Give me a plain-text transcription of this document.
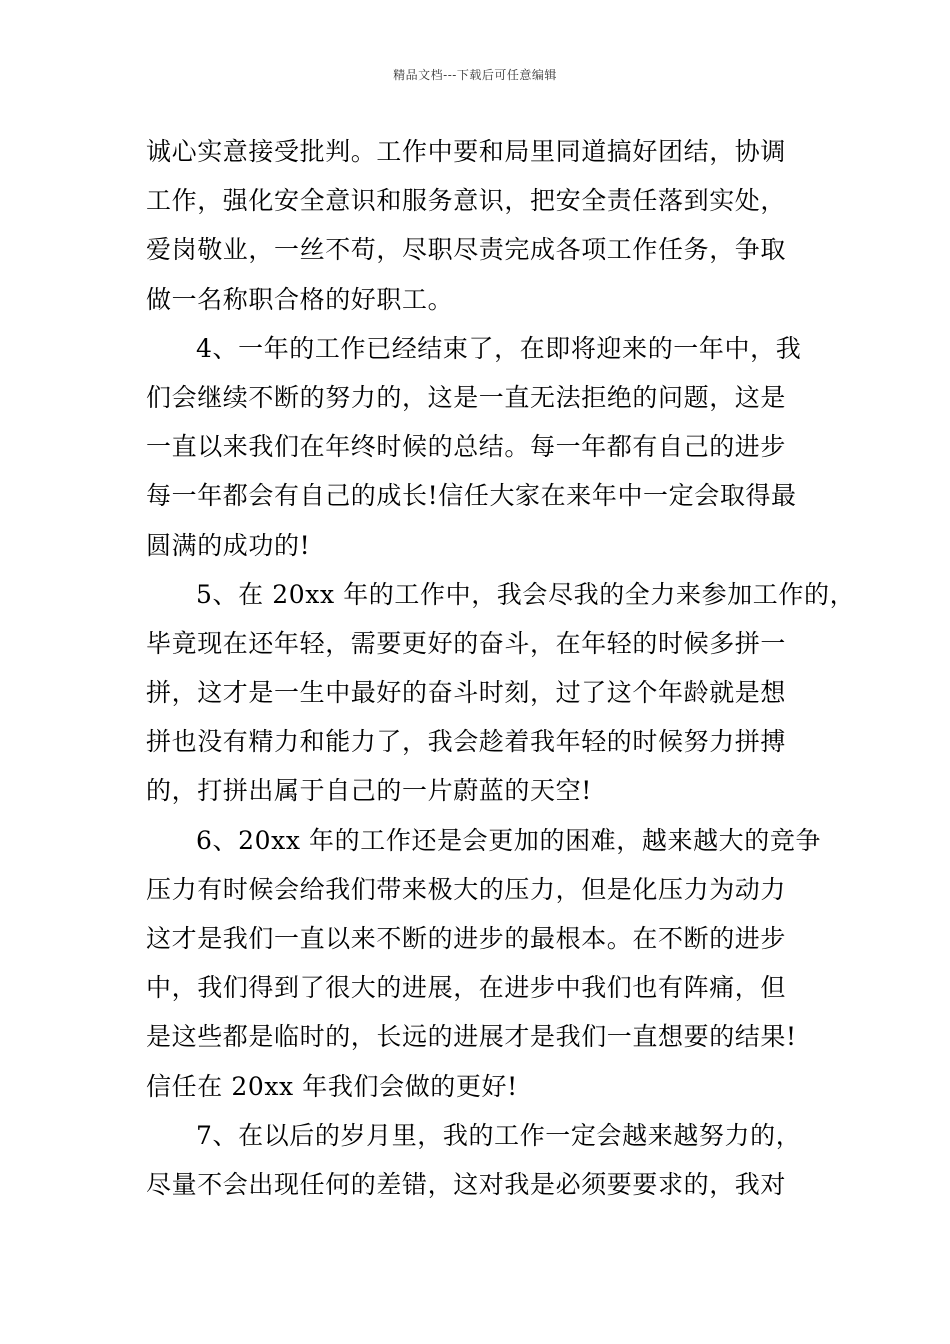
精品文档---下载后可任意编辑
诚心实意接受批判。工作中要和局里同道搞好团结，协调
工作，强化安全意识和服务意识，把安全责任落到实处，
爱岗敬业，一丝不苟，尽职尽责完成各项工作任务，争取
做一名称职合格的好职工。
4、一年的工作已经结束了，在即将迎来的一年中，我
们会继续不断的努力的，这是一直无法拒绝的问题，这是
一直以来我们在年终时候的总结。每一年都有自己的进步
每一年都会有自己的成长!信任大家在来年中一定会取得最
圆满的成功的!
5、在 20xx 年的工作中，我会尽我的全力来参加工作的，
毕竟现在还年轻，需要更好的奋斗，在年轻的时候多拼一
拼，这才是一生中最好的奋斗时刻，过了这个年龄就是想
拼也没有精力和能力了，我会趁着我年轻的时候努力拼搏
的，打拼出属于自己的一片蔚蓝的天空!
6、20xx 年的工作还是会更加的困难，越来越大的竞争
压力有时候会给我们带来极大的压力，但是化压力为动力
这才是我们一直以来不断的进步的最根本。在不断的进步
中，我们得到了很大的进展，在进步中我们也有阵痛，但
是这些都是临时的，长远的进展才是我们一直想要的结果!
信任在 20xx 年我们会做的更好!
7、在以后的岁月里，我的工作一定会越来越努力的，
尽量不会出现任何的差错，这对我是必须要要求的，我对
